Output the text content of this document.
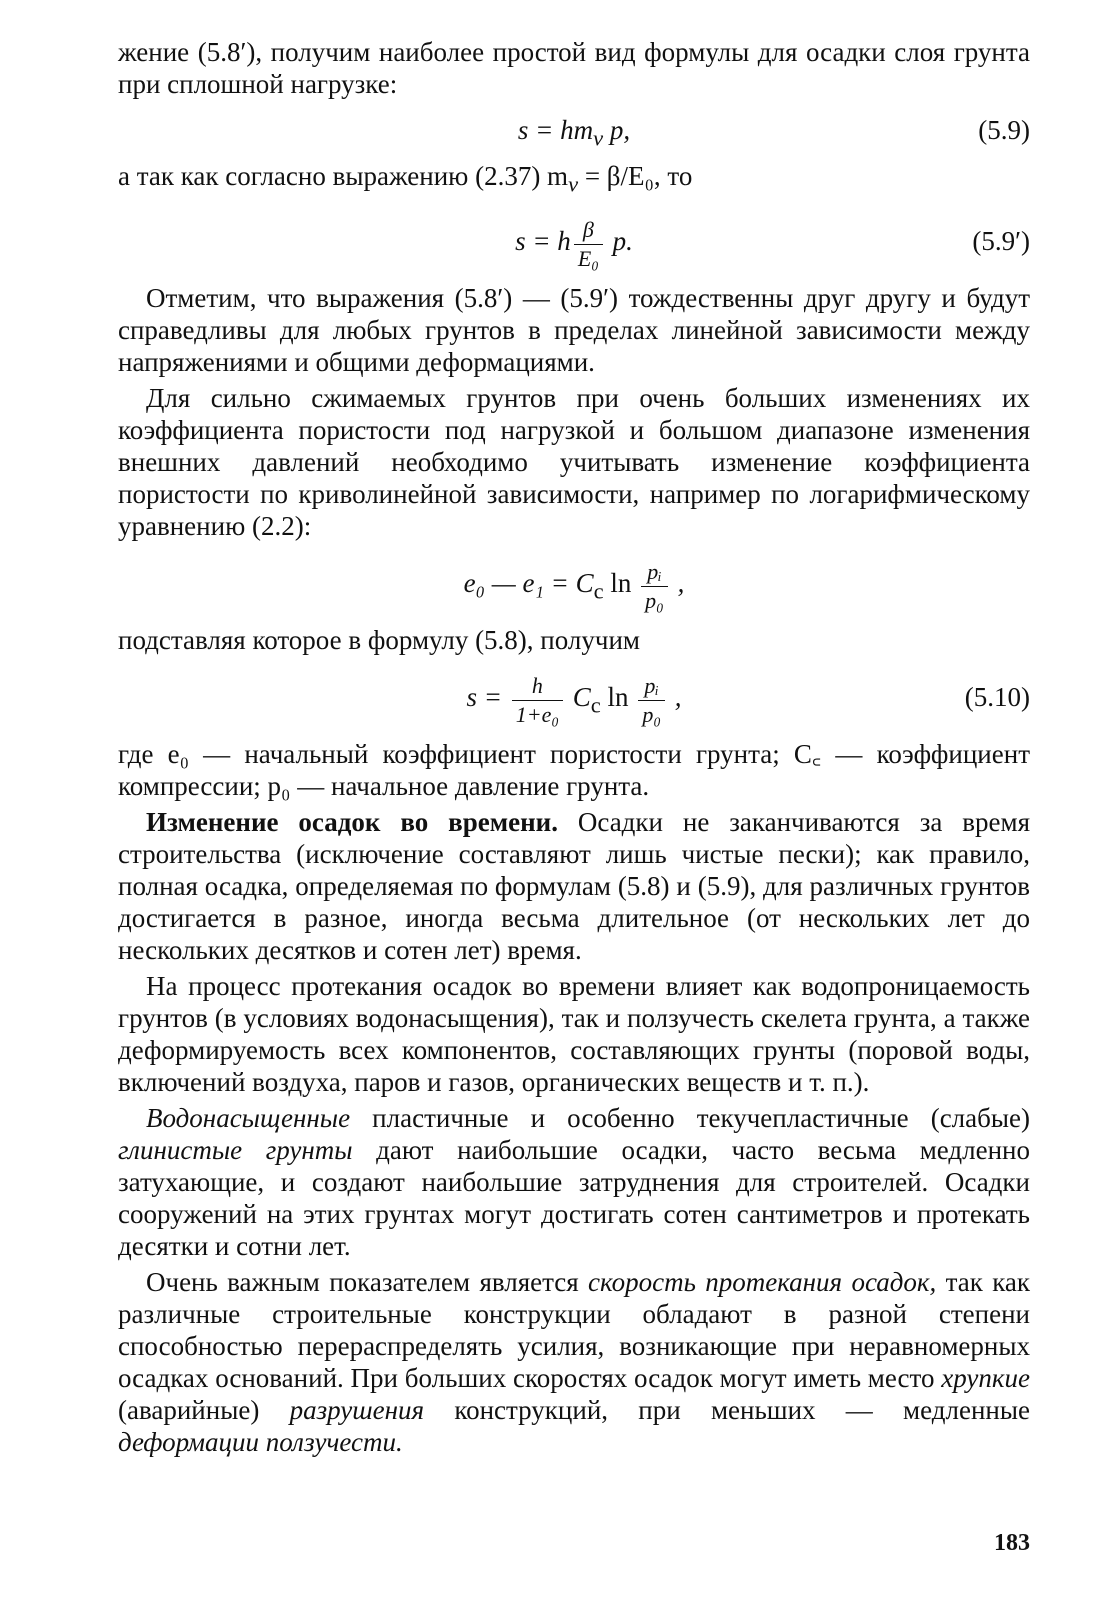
жение (5.8′), получим наиболее простой вид формулы для осадки слоя грунта при сплошной нагрузке:

$s = hm_v$ p,	(5.9)

а так как согласно выражению (2.37) $m_v = \beta/E_0$, то

s = h $\frac{\beta}{\text{E₀}} p$.	(5.9′)

Отметим, что выражения (5.8′) — (5.9′) тождественны друг другу и будут справедливы для любых грунтов в пределах линейной зависимости между напряжениями и общими деформациями.

Для сильно сжимаемых грунтов при очень больших изменениях их коэффициента пористости под нагрузкой и большом диапазоне изменения внешних давлений необходимо учитывать изменение коэффициента пористости по криволинейной зависимости, например по логарифмическому уравнению (2.2):

e₀ — $e_1 = C_c$ $\ln \frac{\text{pᵢ}}{\text{p₀}}$ ,

подставляя которое в формулу (5.8), получим

$s = \frac{h}{\text{1+e₀}} C_c$ $\ln \frac{\text{pᵢ}}{\text{p₀}}$ ,	(5.10)

где e₀ — начальный коэффициент пористости грунта; C꜀ — коэффициент компрессии; p₀ — начальное давление грунта.

Изменение осадок во времени. Осадки не заканчиваются за время строительства (исключение составляют лишь чистые пески); как правило, полная осадка, определяемая по формулам (5.8) и (5.9), для различных грунтов достигается в разное, иногда весьма длительное (от нескольких лет до нескольких десятков и сотен лет) время.

На процесс протекания осадок во времени влияет как водопроницаемость грунтов (в условиях водонасыщения), так и ползучесть скелета грунта, а также деформируемость всех компонентов, составляющих грунты (поровой воды, включений воздуха, паров и газов, органических веществ и т. п.).

Водонасыщенные пластичные и особенно текучепластичные (слабые) глинистые грунты дают наибольшие осадки, часто весьма медленно затухающие, и создают наибольшие затруднения для строителей. Осадки сооружений на этих грунтах могут достигать сотен сантиметров и протекать десятки и сотни лет.

Очень важным показателем является скорость протекания осадок, так как различные строительные конструкции обладают в разной степени способностью перераспределять усилия, возникающие при неравномерных осадках оснований. При больших скоростях осадок могут иметь место хрупкие (аварийные) разрушения конструкций, при меньших — медленные деформации ползучести.

183
